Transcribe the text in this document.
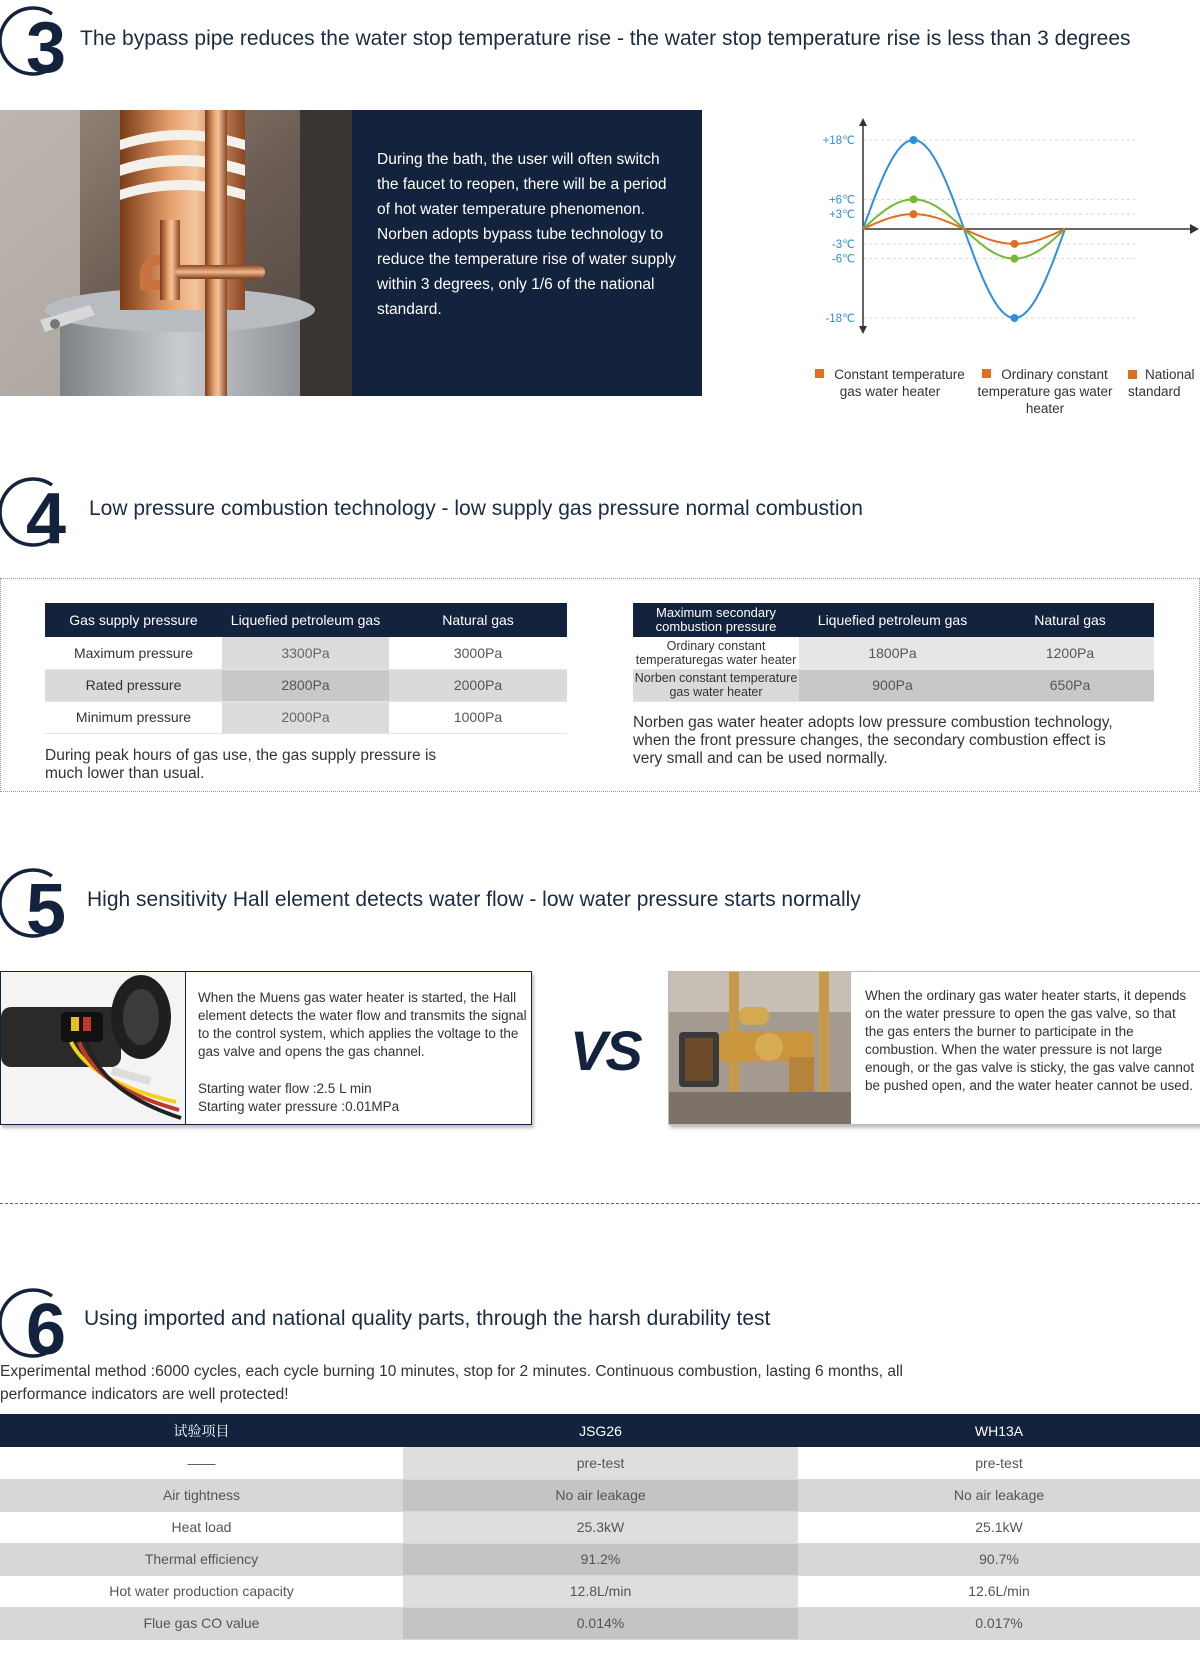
3 The bypass pipe reduces the water stop temperature rise - the water stop temperature rise is less than 3 degrees

During the bath, the user will often switch the faucet to reopen, there will be a period of hot water temperature phenomenon. Norben adopts bypass tube technology to reduce the temperature rise of water supply within 3 degrees, only 1/6 of the national standard.

+18℃
+6℃
+3℃
-3℃
-6℃
-18℃
Constant temperature gas water heater
Ordinary constant temperature gas water heater
National standard
4 Low pressure combustion technology - low supply gas pressure normal combustion
Gas supply pressure	Liquefied petroleum gas	Natural gas
Maximum pressure	3300Pa	3000Pa
Rated pressure	2800Pa	2000Pa
Minimum pressure	2000Pa	1000Pa
During peak hours of gas use, the gas supply pressure is much lower than usual.
Maximum secondary combustion pressure	Liquefied petroleum gas	Natural gas
Ordinary constant temperaturegas water heater	1800Pa	1200Pa
Norben constant temperature gas water heater	900Pa	650Pa
Norben gas water heater adopts low pressure combustion technology, when the front pressure changes, the secondary combustion effect is very small and can be used normally.
5 High sensitivity Hall element detects water flow - low water pressure starts normally
When the Muens gas water heater is started, the Hall element detects the water flow and transmits the signal to the control system, which applies the voltage to the gas valve and opens the gas channel.
Starting water flow :2.5 L min
Starting water pressure :0.01MPa
VS
When the ordinary gas water heater starts, it depends on the water pressure to open the gas valve, so that the gas enters the burner to participate in the combustion. When the water pressure is not large enough, or the gas valve is sticky, the gas valve cannot be pushed open, and the water heater cannot be used.
6 Using imported and national quality parts, through the harsh durability test
Experimental method :6000 cycles, each cycle burning 10 minutes, stop for 2 minutes. Continuous combustion, lasting 6 months, all performance indicators are well protected!
试验项目	JSG26	WH13A
——	pre-test	pre-test
Air tightness	No air leakage	No air leakage
Heat load	25.3kW	25.1kW
Thermal efficiency	91.2%	90.7%
Hot water production capacity	12.8L/min	12.6L/min
Flue gas CO value	0.014%	0.017%
